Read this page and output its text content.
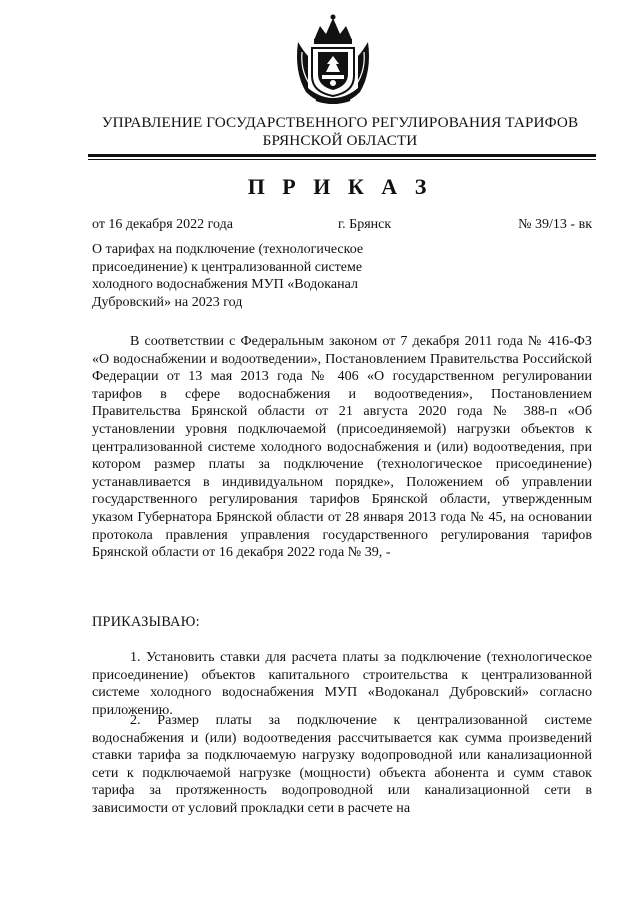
УПРАВЛЕНИЕ ГОСУДАРСТВЕННОГО РЕГУЛИРОВАНИЯ ТАРИФОВ
БРЯНСКОЙ ОБЛАСТИ
П Р И К А З
от 16 декабря 2022 года	г. Брянск	№ 39/13 - вк
О тарифах на подключение (технологическое присоединение) к централизованной системе холодного водоснабжения МУП «Водоканал Дубровский» на 2023 год
В соответствии с Федеральным законом от 7 декабря 2011 года № 416-ФЗ «О водоснабжении и водоотведении», Постановлением Правительства Российской Федерации от 13 мая 2013 года № 406 «О государственном регулировании тарифов в сфере водоснабжения и водоотведения», Постановлением Правительства Брянской области от 21 августа 2020 года № 388-п «Об установлении уровня подключаемой (присоединяемой) нагрузки объектов к централизованной системе холодного водоснабжения и (или) водоотведения, при котором размер платы за подключение (технологическое присоединение) устанавливается в индивидуальном порядке», Положением об управлении государственного регулирования тарифов Брянской области, утвержденным указом Губернатора Брянской области от 28 января 2013 года № 45, на основании протокола правления управления государственного регулирования тарифов Брянской области от 16 декабря 2022 года № 39, -
ПРИКАЗЫВАЮ:
1. Установить ставки для расчета платы за подключение (технологическое присоединение) объектов капитального строительства к централизованной системе холодного водоснабжения МУП «Водоканал Дубровский» согласно приложению.
2. Размер платы за подключение к централизованной системе водоснабжения и (или) водоотведения рассчитывается как сумма произведений ставки тарифа за подключаемую нагрузку водопроводной или канализационной сети к подключаемой нагрузке (мощности) объекта абонента и сумм ставок тарифа за протяженность водопроводной или канализационной сети в зависимости от условий прокладки сети в расчете на
